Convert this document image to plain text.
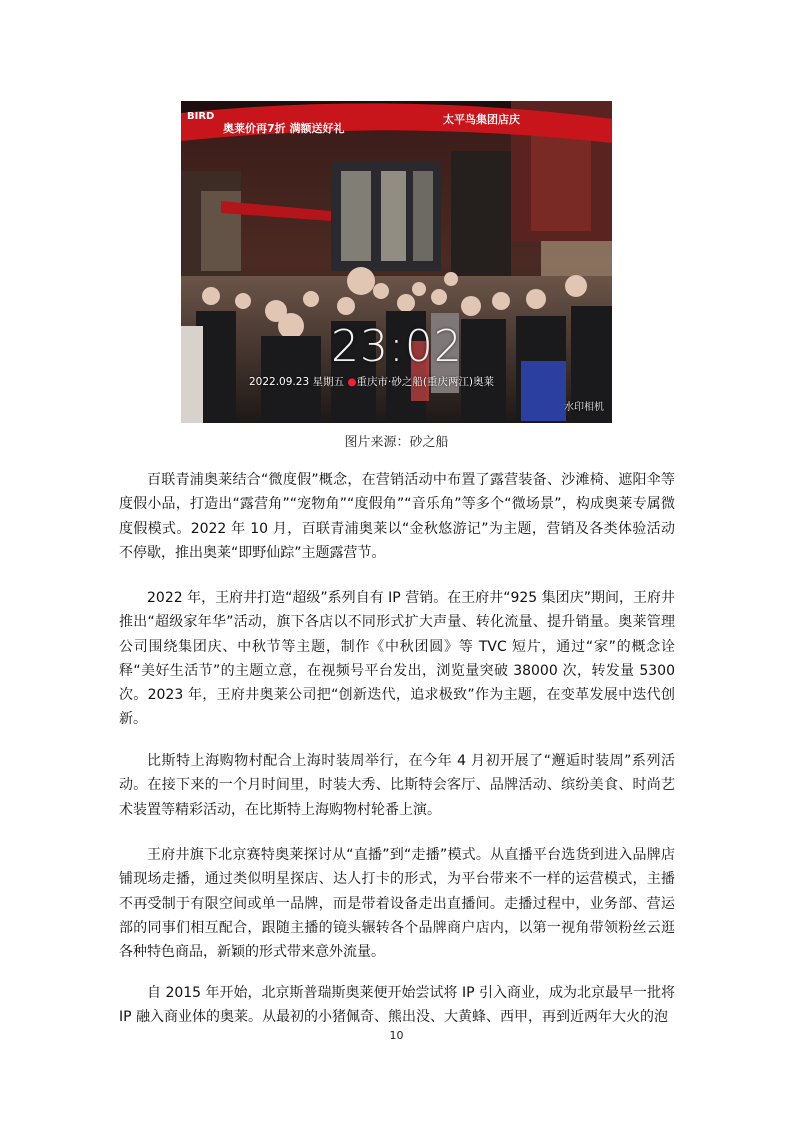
BIRD
奥莱价再7折 满额送好礼
太平鸟集团店庆
23:02
2022.09.23 星期五 ●重庆市·砂之船(重庆两江)奥莱
水印相机
图片来源：砂之船

百联青浦奥莱结合“微度假”概念，在营销活动中布置了露营装备、沙滩椅、遮阳伞等度假小品，打造出“露营角”“宠物角”“度假角”“音乐角”等多个“微场景”，构成奥莱专属微度假模式。2022 年 10 月，百联青浦奥莱以“金秋悠游记”为主题，营销及各类体验活动不停歇，推出奥莱“即野仙踪”主题露营节。

2022 年，王府井打造“超级”系列自有 IP 营销。在王府井“925 集团庆”期间，王府井推出“超级家年华”活动，旗下各店以不同形式扩大声量、转化流量、提升销量。奥莱管理公司围绕集团庆、中秋节等主题，制作《中秋团圆》等 TVC 短片，通过“家”的概念诠释“美好生活节”的主题立意，在视频号平台发出，浏览量突破 38000 次，转发量 5300 次。2023 年，王府井奥莱公司把“创新迭代，追求极致”作为主题，在变革发展中迭代创新。

比斯特上海购物村配合上海时装周举行，在今年 4 月初开展了“邂逅时装周”系列活动。在接下来的一个月时间里，时装大秀、比斯特会客厅、品牌活动、缤纷美食、时尚艺术装置等精彩活动，在比斯特上海购物村轮番上演。

王府井旗下北京赛特奥莱探讨从“直播”到“走播”模式。从直播平台选货到进入品牌店铺现场走播，通过类似明星探店、达人打卡的形式，为平台带来不一样的运营模式，主播不再受制于有限空间或单一品牌，而是带着设备走出直播间。走播过程中，业务部、营运部的同事们相互配合，跟随主播的镜头辗转各个品牌商户店内，以第一视角带领粉丝云逛各种特色商品，新颖的形式带来意外流量。

自 2015 年开始，北京斯普瑞斯奥莱便开始尝试将 IP 引入商业，成为北京最早一批将 IP 融入商业体的奥莱。从最初的小猪佩奇、熊出没、大黄蜂、西甲，再到近两年大火的泡

10
